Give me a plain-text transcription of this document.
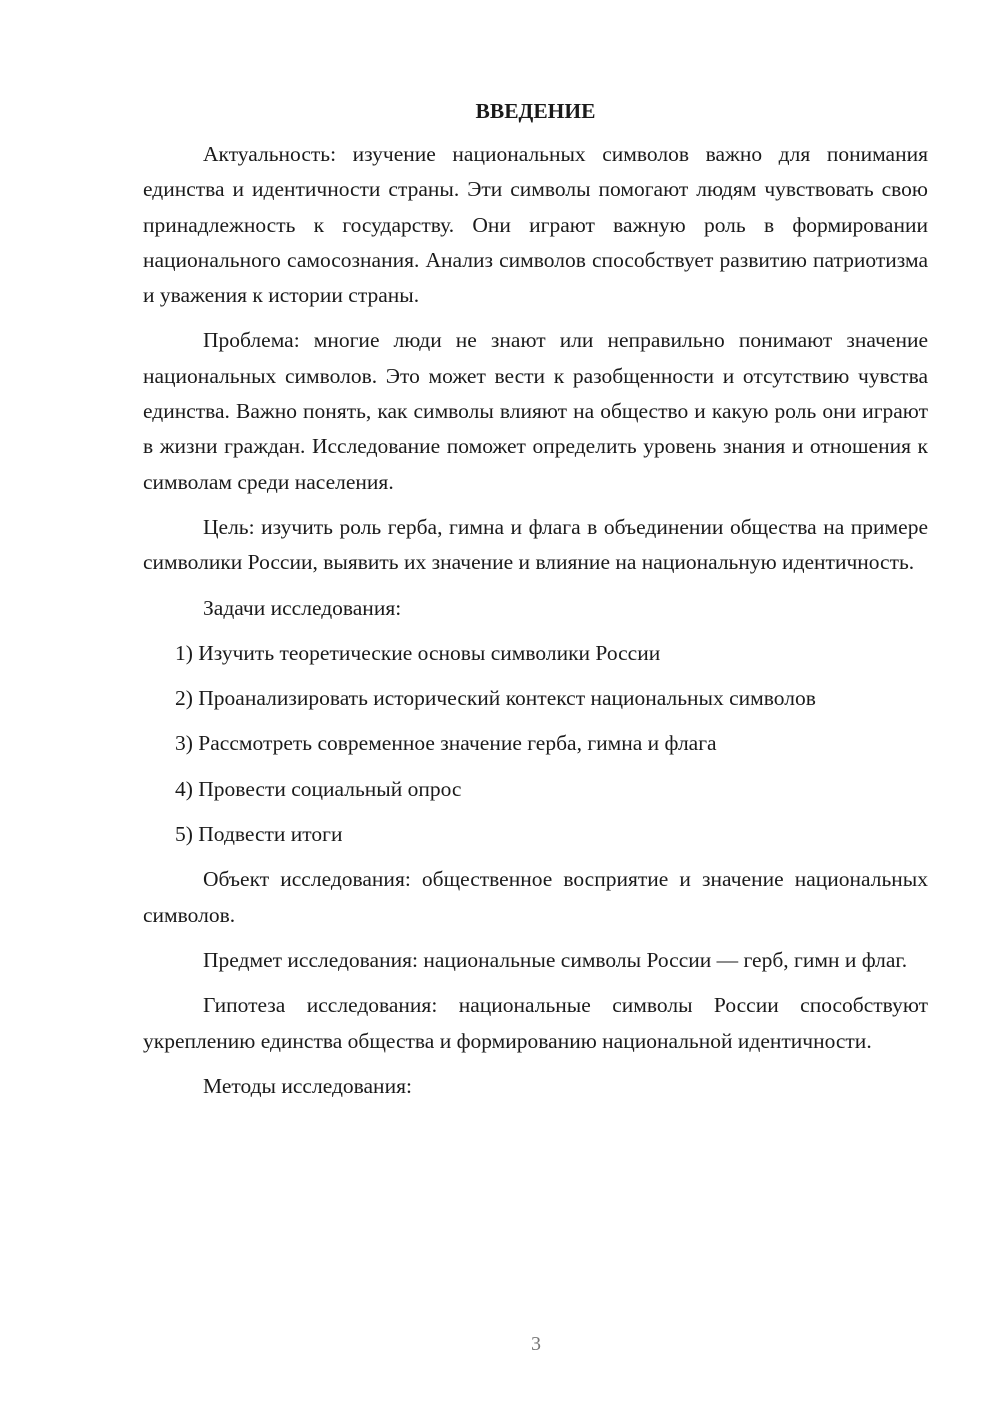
ВВЕДЕНИЕ

Актуальность: изучение национальных символов важно для понимания единства и идентичности страны. Эти символы помогают людям чувствовать свою принадлежность к государству. Они играют важную роль в формировании национального самосознания. Анализ символов способствует развитию патриотизма и уважения к истории страны.

Проблема: многие люди не знают или неправильно понимают значение национальных символов. Это может вести к разобщенности и отсутствию чувства единства. Важно понять, как символы влияют на общество и какую роль они играют в жизни граждан. Исследование поможет определить уровень знания и отношения к символам среди населения.

Цель: изучить роль герба, гимна и флага в объединении общества на примере символики России, выявить их значение и влияние на национальную идентичность.

Задачи исследования:

1) Изучить теоретические основы символики России
2) Проанализировать исторический контекст национальных символов
3) Рассмотреть современное значение герба, гимна и флага
4) Провести социальный опрос
5) Подвести итоги

Объект исследования: общественное восприятие и значение национальных символов.

Предмет исследования: национальные символы России — герб, гимн и флаг.

Гипотеза исследования: национальные символы России способствуют укреплению единства общества и формированию национальной идентичности.

Методы исследования:

3
